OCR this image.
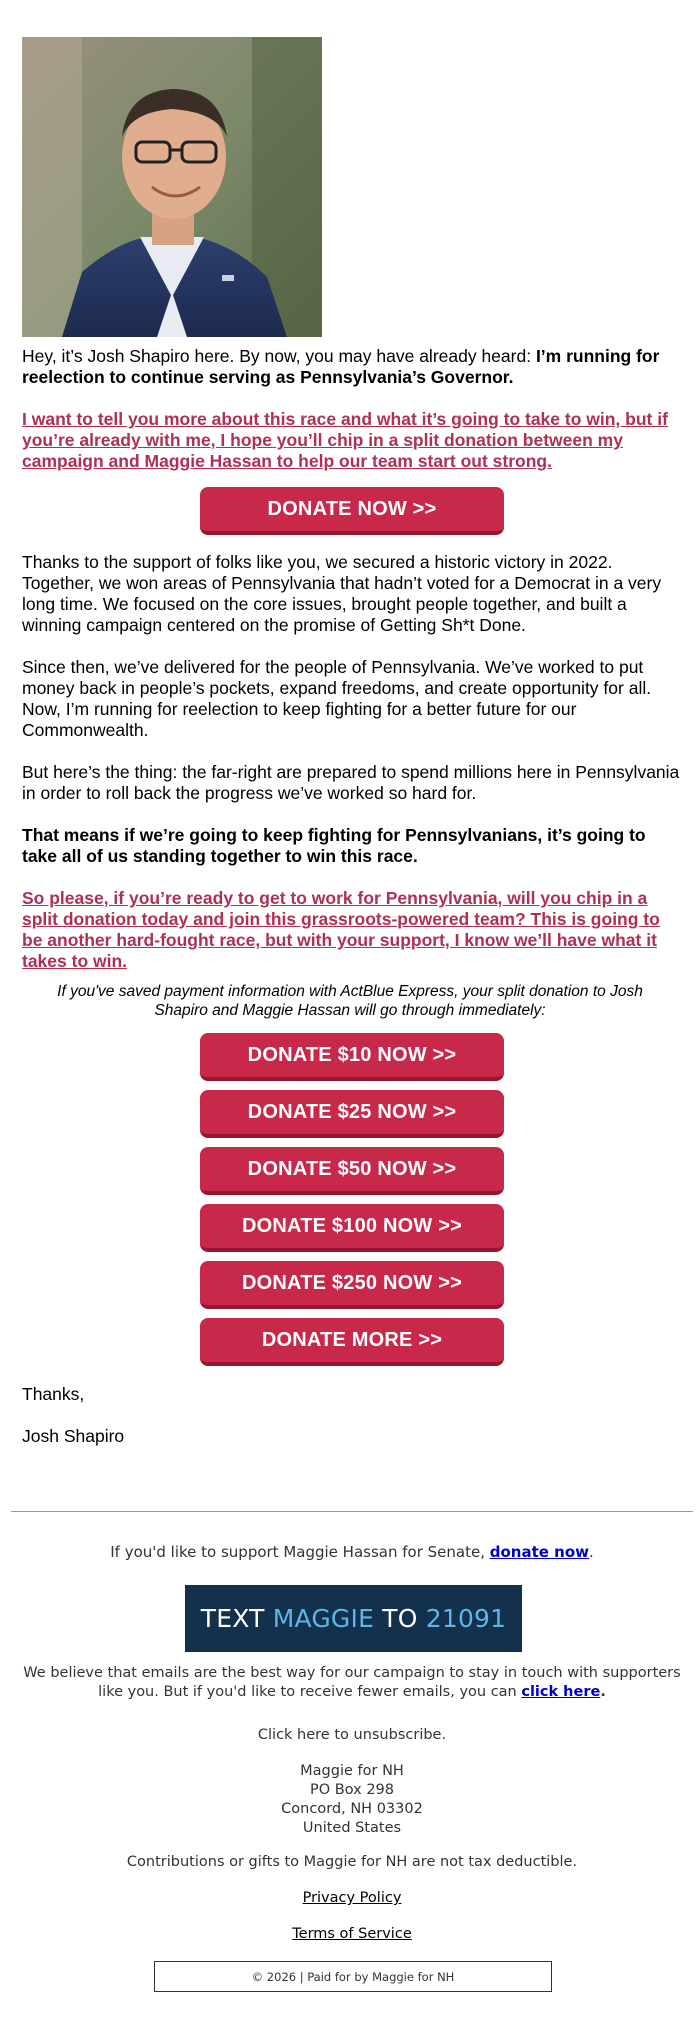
Hey, it’s Josh Shapiro here. By now, you may have already heard: I’m running for reelection to continue serving as Pennsylvania’s Governor.
I want to tell you more about this race and what it’s going to take to win, but if you’re already with me, I hope you’ll chip in a split donation between my campaign and Maggie Hassan to help our team start out strong.
DONATE NOW >>
Thanks to the support of folks like you, we secured a historic victory in 2022. Together, we won areas of Pennsylvania that hadn’t voted for a Democrat in a very long time. We focused on the core issues, brought people together, and built a winning campaign centered on the promise of Getting Sh*t Done.
Since then, we’ve delivered for the people of Pennsylvania. We’ve worked to put money back in people’s pockets, expand freedoms, and create opportunity for all. Now, I’m running for reelection to keep fighting for a better future for our Commonwealth.
But here’s the thing: the far-right are prepared to spend millions here in Pennsylvania in order to roll back the progress we’ve worked so hard for.
That means if we’re going to keep fighting for Pennsylvanians, it’s going to take all of us standing together to win this race.
So please, if you’re ready to get to work for Pennsylvania, will you chip in a split donation today and join this grassroots-powered team? This is going to be another hard-fought race, but with your support, I know we’ll have what it takes to win.
If you've saved payment information with ActBlue Express, your split donation to Josh Shapiro and Maggie Hassan will go through immediately:
DONATE $10 NOW >>
DONATE $25 NOW >>
DONATE $50 NOW >>
DONATE $100 NOW >>
DONATE $250 NOW >>
DONATE MORE >>
Thanks,
Josh Shapiro
If you'd like to support Maggie Hassan for Senate, donate now.
TEXT MAGGIE TO 21091
We believe that emails are the best way for our campaign to stay in touch with supporters like you. But if you'd like to receive fewer emails, you can click here.
Click here to unsubscribe.
Maggie for NH
PO Box 298
Concord, NH 03302
United States
Contributions or gifts to Maggie for NH are not tax deductible.
Privacy Policy
Terms of Service
© 2026 | Paid for by Maggie for NH
